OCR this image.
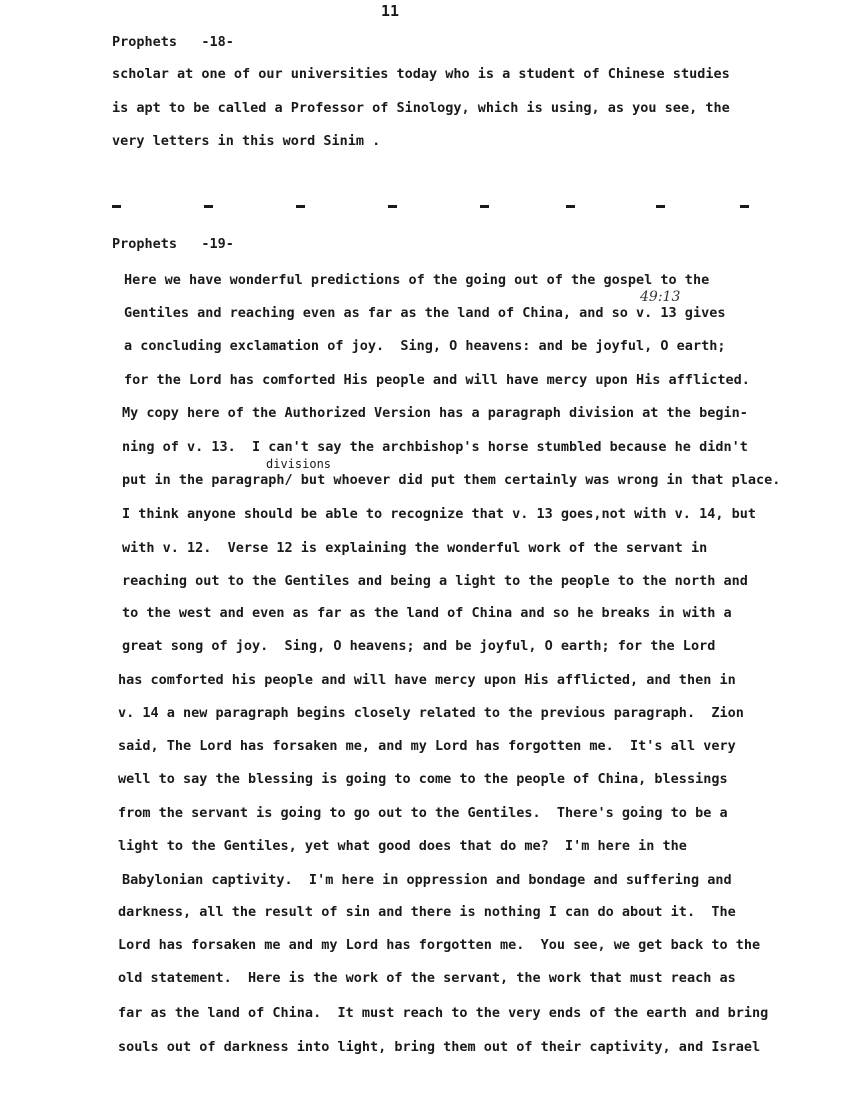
11
Prophets   -18-
scholar at one of our universities today who is a student of Chinese studies
is apt to be called a Professor of Sinology, which is using, as you see, the
very letters in this word Sinim .
Prophets   -19-
49:13
divisions
Here we have wonderful predictions of the going out of the gospel to the
Gentiles and reaching even as far as the land of China, and so v. 13 gives
a concluding exclamation of joy.  Sing, O heavens: and be joyful, O earth;
for the Lord has comforted His people and will have mercy upon His afflicted.
My copy here of the Authorized Version has a paragraph division at the begin-
ning of v. 13.  I can't say the archbishop's horse stumbled because he didn't
put in the paragraph/ but whoever did put them certainly was wrong in that place.
I think anyone should be able to recognize that v. 13 goes,not with v. 14, but
with v. 12.  Verse 12 is explaining the wonderful work of the servant in
reaching out to the Gentiles and being a light to the people to the north and
to the west and even as far as the land of China and so he breaks in with a
great song of joy.  Sing, O heavens; and be joyful, O earth; for the Lord
has comforted his people and will have mercy upon His afflicted, and then in
v. 14 a new paragraph begins closely related to the previous paragraph.  Zion
said, The Lord has forsaken me, and my Lord has forgotten me.  It's all very
well to say the blessing is going to come to the people of China, blessings
from the servant is going to go out to the Gentiles.  There's going to be a
light to the Gentiles, yet what good does that do me?  I'm here in the
Babylonian captivity.  I'm here in oppression and bondage and suffering and
darkness, all the result of sin and there is nothing I can do about it.  The
Lord has forsaken me and my Lord has forgotten me.  You see, we get back to the
old statement.  Here is the work of the servant, the work that must reach as
far as the land of China.  It must reach to the very ends of the earth and bring
souls out of darkness into light, bring them out of their captivity, and Israel
